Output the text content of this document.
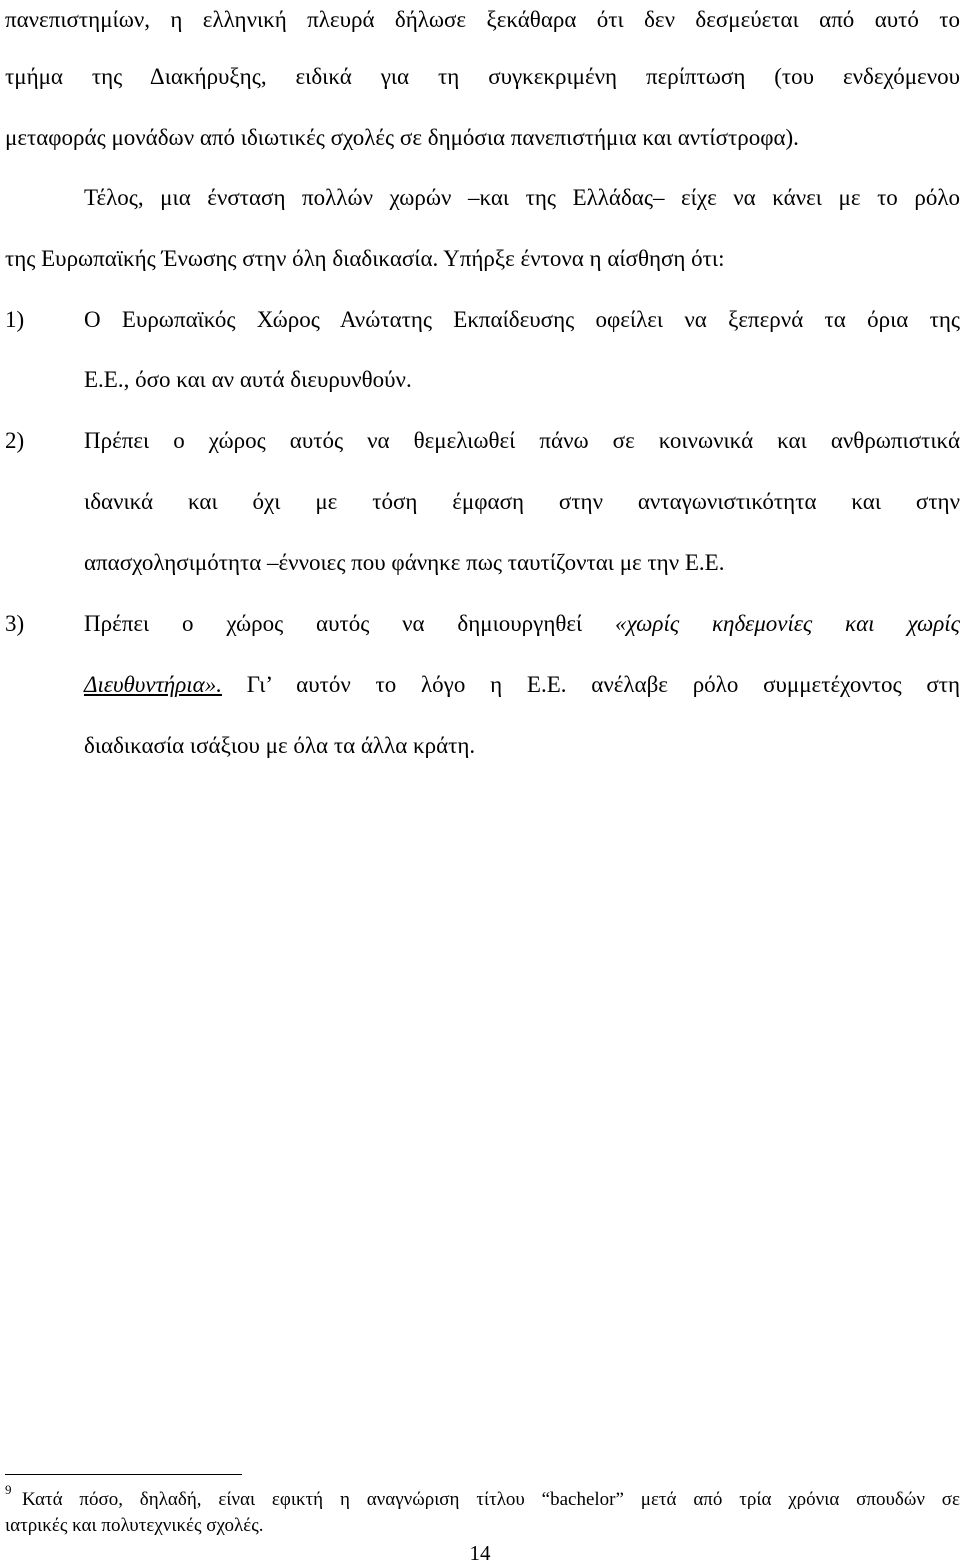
πανεπιστημίων, η ελληνική πλευρά δήλωσε ξεκάθαρα ότι δεν δεσμεύεται από αυτό το
τμήμα της Διακήρυξης, ειδικά για τη συγκεκριμένη περίπτωση (του ενδεχόμενου
μεταφοράς μονάδων από ιδιωτικές σχολές σε δημόσια πανεπιστήμια και αντίστροφα).
Τέλος, μια ένσταση πολλών χωρών –και της Ελλάδας– είχε να κάνει με το ρόλο
της Ευρωπαϊκής Ένωσης στην όλη διαδικασία. Υπήρξε έντονα η αίσθηση ότι:
1)	Ο Ευρωπαϊκός Χώρος Ανώτατης Εκπαίδευσης οφείλει να ξεπερνά τα όρια της
Ε.Ε., όσο και αν αυτά διευρυνθούν.
2)	Πρέπει ο χώρος αυτός να θεμελιωθεί πάνω σε κοινωνικά και ανθρωπιστικά
ιδανικά και όχι με τόση έμφαση στην ανταγωνιστικότητα και στην
απασχολησιμότητα –έννοιες που φάνηκε πως ταυτίζονται με την Ε.Ε.
3)	Πρέπει ο χώρος αυτός να δημιουργηθεί «χωρίς κηδεμονίες και χωρίς
Διευθυντήρια». Γι’ αυτόν το λόγο η Ε.Ε. ανέλαβε ρόλο συμμετέχοντος στη
διαδικασία ισάξιου με όλα τα άλλα κράτη.
9 Κατά πόσο, δηλαδή, είναι εφικτή η αναγνώριση τίτλου “bachelor” μετά από τρία χρόνια σπουδών σε
ιατρικές και πολυτεχνικές σχολές.
14
